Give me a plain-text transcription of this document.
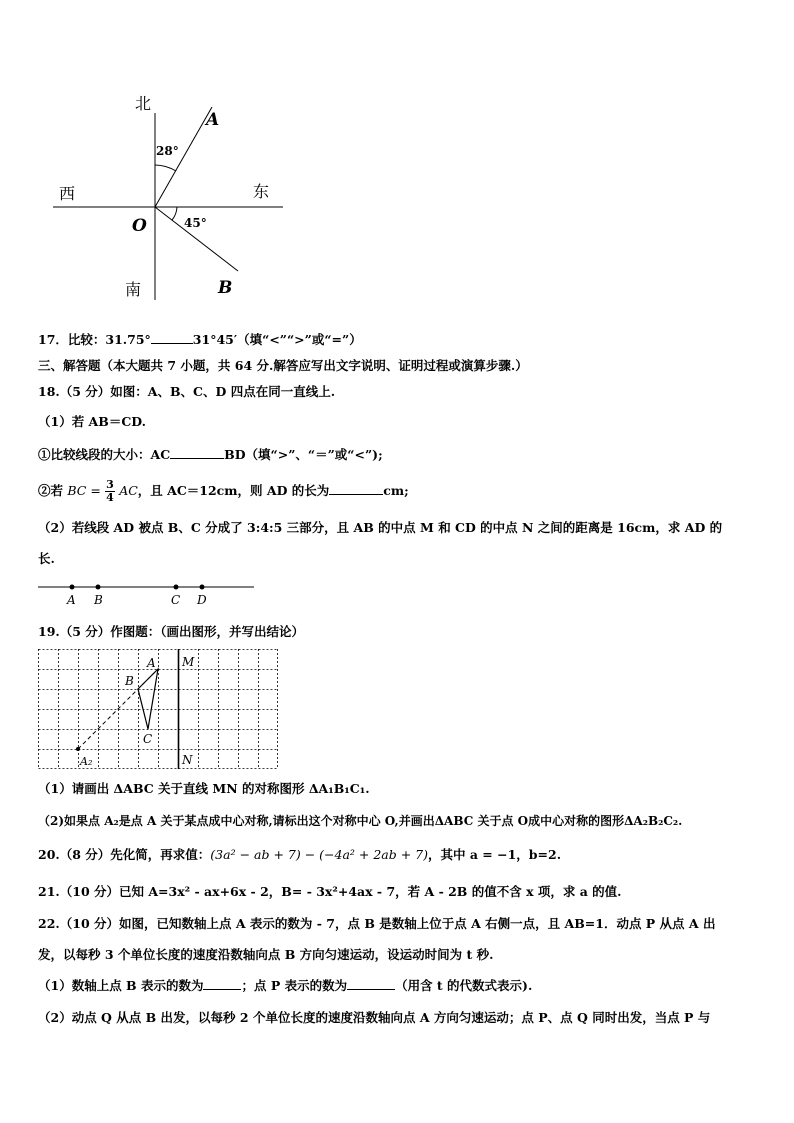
北
南
西	东
O
A
B
28°
45°
17．比较：31.75°	31°45′（填“<”“>”或“=”）
三、解答题（本大题共 7 小题，共 64 分.解答应写出文字说明、证明过程或演算步骤.）
18.（5 分）如图：A、B、C、D 四点在同一直线上.
（1）若 AB＝CD.
①比较线段的大小：AC	BD（填“>”、“＝”或“<”);
②若 BC = $\frac{3}{4}$ AC，且 AC＝12cm，则 AD 的长为	cm;
（2）若线段 AD 被点 B、C 分成了 3:4:5 三部分，且 AB 的中点 M 和 CD 的中点 N 之间的距离是 16cm，求 AD 的
长.
A B	C D
19.（5 分）作图题：（画出图形，并写出结论）
A
B
C
M
N
A₂
（1）请画出 ΔABC 关于直线 MN 的对称图形 ΔA₁B₁C₁.
（2)如果点 A₂是点 A 关于某点成中心对称,请标出这个对称中心 O,并画出ΔABC 关于点 O成中心对称的图形ΔA₂B₂C₂.
20.（8 分）先化简，再求值：(3a² − ab + 7) − (−4a² + 2ab + 7)，其中 a = −1，b=2.
21.（10 分）已知 A=3x² - ax+6x - 2，B= - 3x²+4ax - 7，若 A - 2B 的值不含 x 项，求 a 的值.
22.（10 分）如图，已知数轴上点 A 表示的数为 - 7，点 B 是数轴上位于点 A 右侧一点，且 AB=1．动点 P 从点 A 出
发，以每秒 3 个单位长度的速度沿数轴向点 B 方向匀速运动，设运动时间为 t 秒.
（1）数轴上点 B 表示的数为	；点 P 表示的数为	（用含 t 的代数式表示).
（2）动点 Q 从点 B 出发，以每秒 2 个单位长度的速度沿数轴向点 A 方向匀速运动；点 P、点 Q 同时出发，当点 P 与
